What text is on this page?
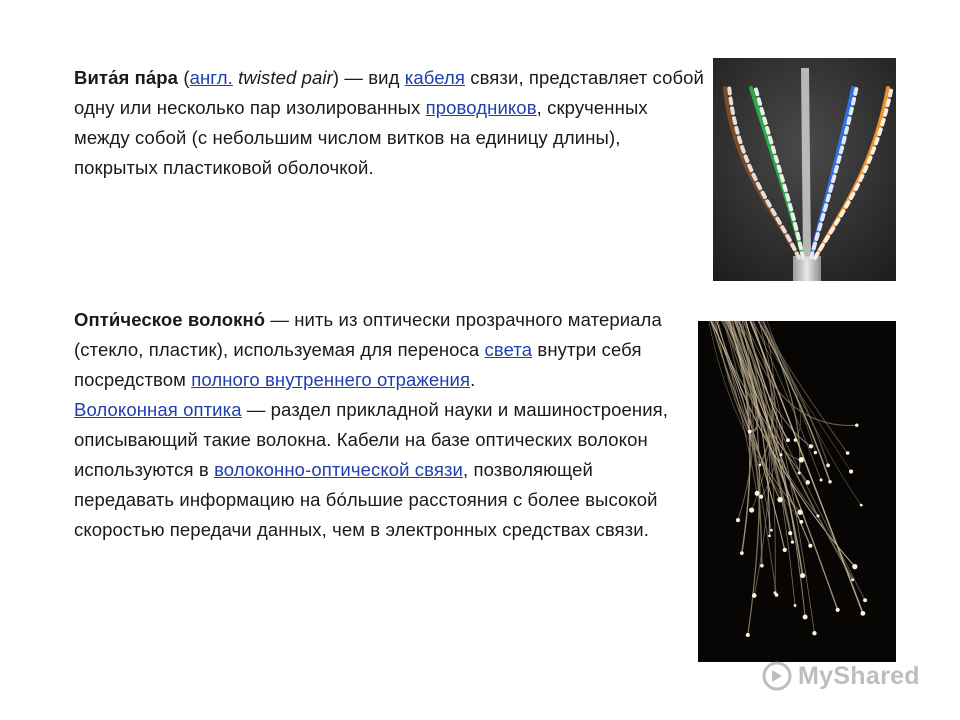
Вита́я па́ра (англ. twisted pair) — вид кабеля связи, представляет собой одну или несколько пар изолированных проводников, скрученных между собой (с небольшим числом витков на единицу длины), покрытых пластиковой оболочкой.
Опти́ческое волокно́ — нить из оптически прозрачного материала (стекло, пластик), используемая для переноса света внутри себя посредством полного внутреннего отражения.
Волоконная оптика — раздел прикладной науки и машиностроения, описывающий такие волокна. Кабели на базе оптических волокон используются в волоконно-оптической связи, позволяющей передавать информацию на бо́льшие расстояния с более высокой скоростью передачи данных, чем в электронных средствах связи.
MyShared
